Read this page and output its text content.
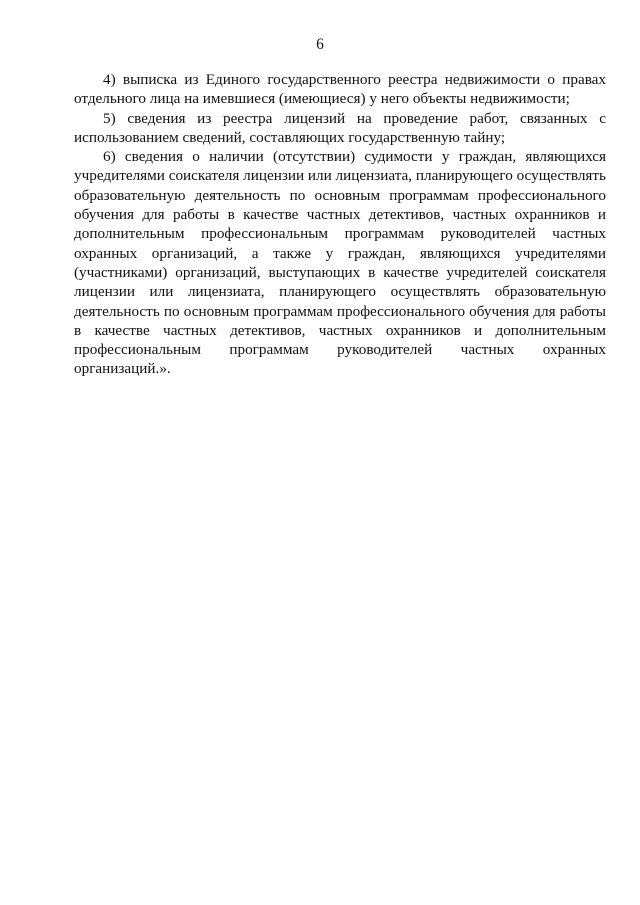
6

4) выписка из Единого государственного реестра недвижимости о правах отдельного лица на имевшиеся (имеющиеся) у него объекты недвижимости;

5) сведения из реестра лицензий на проведение работ, связанных с использованием сведений, составляющих государственную тайну;

6) сведения о наличии (отсутствии) судимости у граждан, являющихся учредителями соискателя лицензии или лицензиата, планирующего осуществлять образовательную деятельность по основным программам профессионального обучения для работы в качестве частных детективов, частных охранников и дополнительным профессиональным программам руководителей частных охранных организаций, а также у граждан, являющихся учредителями (участниками) организаций, выступающих в качестве учредителей соискателя лицензии или лицензиата, планирующего осуществлять образовательную деятельность по основным программам профессионального обучения для работы в качестве частных детективов, частных охранников и дополнительным профессиональным программам руководителей частных охранных организаций.».
